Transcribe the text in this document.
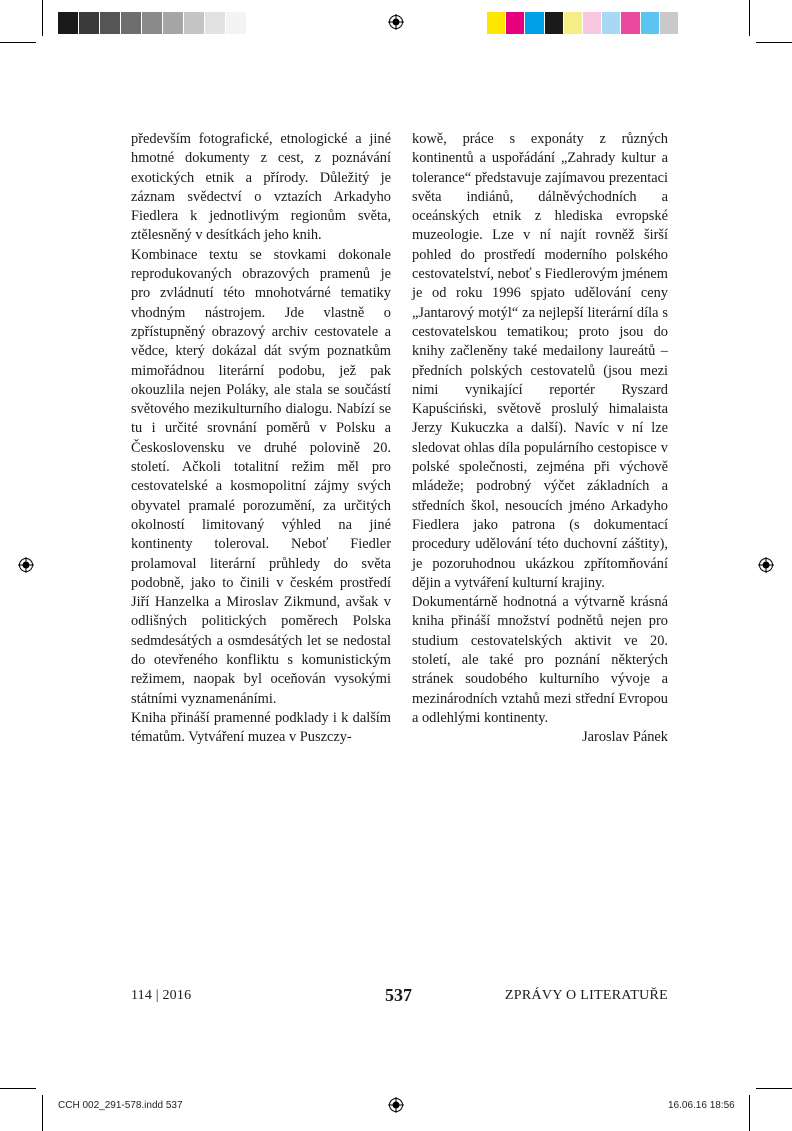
především fotografické, etnologické a jiné hmotné dokumenty z cest, z poznávání exotických etnik a přírody. Důležitý je záznam svědectví o vztazích Arkadyho Fiedlera k jednotlivým regionům světa, ztělesněný v desítkách jeho knih.

Kombinace textu se stovkami dokonale reprodukovaných obrazových pramenů je pro zvládnutí této mnohotvárné tematiky vhodným nástrojem. Jde vlastně o zpřístupněný obrazový archiv cestovatele a vědce, který dokázal dát svým poznatkům mimořádnou literární podobu, jež pak okouzlila nejen Poláky, ale stala se součástí světového mezikulturního dialogu. Nabízí se tu i určité srovnání poměrů v Polsku a Československu ve druhé polovině 20. století. Ačkoli totalitní režim měl pro cestovatelské a kosmopolitní zájmy svých obyvatel pramalé porozumění, za určitých okolností limitovaný výhled na jiné kontinenty toleroval. Neboť Fiedler prolamoval literární průhledy do světa podobně, jako to činili v českém prostředí Jiří Hanzelka a Miroslav Zikmund, avšak v odlišných politických poměrech Polska sedmdesátých a osmdesátých let se nedostal do otevřeného konfliktu s komunistickým režimem, naopak byl oceňován vysokými státními vyznamenáními.

Kniha přináší pramenné podklady i k dalším tématům. Vytváření muzea v Puszczy-

kowě, práce s exponáty z různých kontinentů a uspořádání „Zahrady kultur a tolerance“ představuje zajímavou prezentaci světa indiánů, dálněvýchodních a oceánských etnik z hlediska evropské muzeologie. Lze v ní najít rovněž širší pohled do prostředí moderního polského cestovatelství, neboť s Fiedlerovým jménem je od roku 1996 spjato udělování ceny „Jantarový motýl“ za nejlepší literární díla s cestovatelskou tematikou; proto jsou do knihy začleněny také medailony laureátů – předních polských cestovatelů (jsou mezi nimi vynikající reportér Ryszard Kapuściński, světově proslulý himalaista Jerzy Kukuczka a další). Navíc v ní lze sledovat ohlas díla populárního cestopisce v polské společnosti, zejména při výchově mládeže; podrobný výčet základních a středních škol, nesoucích jméno Arkadyho Fiedlera jako patrona (s dokumentací procedury udělování této duchovní záštity), je pozoruhodnou ukázkou zpřítomňování dějin a vytváření kulturní krajiny.

Dokumentárně hodnotná a výtvarně krásná kniha přináší množství podnětů nejen pro studium cestovatelských aktivit ve 20. století, ale také pro poznání některých stránek soudobého kulturního vývoje a mezinárodních vztahů mezi střední Evropou a odlehlými kontinenty.

Jaroslav Pánek

114 | 2016	537	ZPRÁVY O LITERATUŘE
CCH 002_291-578.indd 537	16.06.16 18:56
